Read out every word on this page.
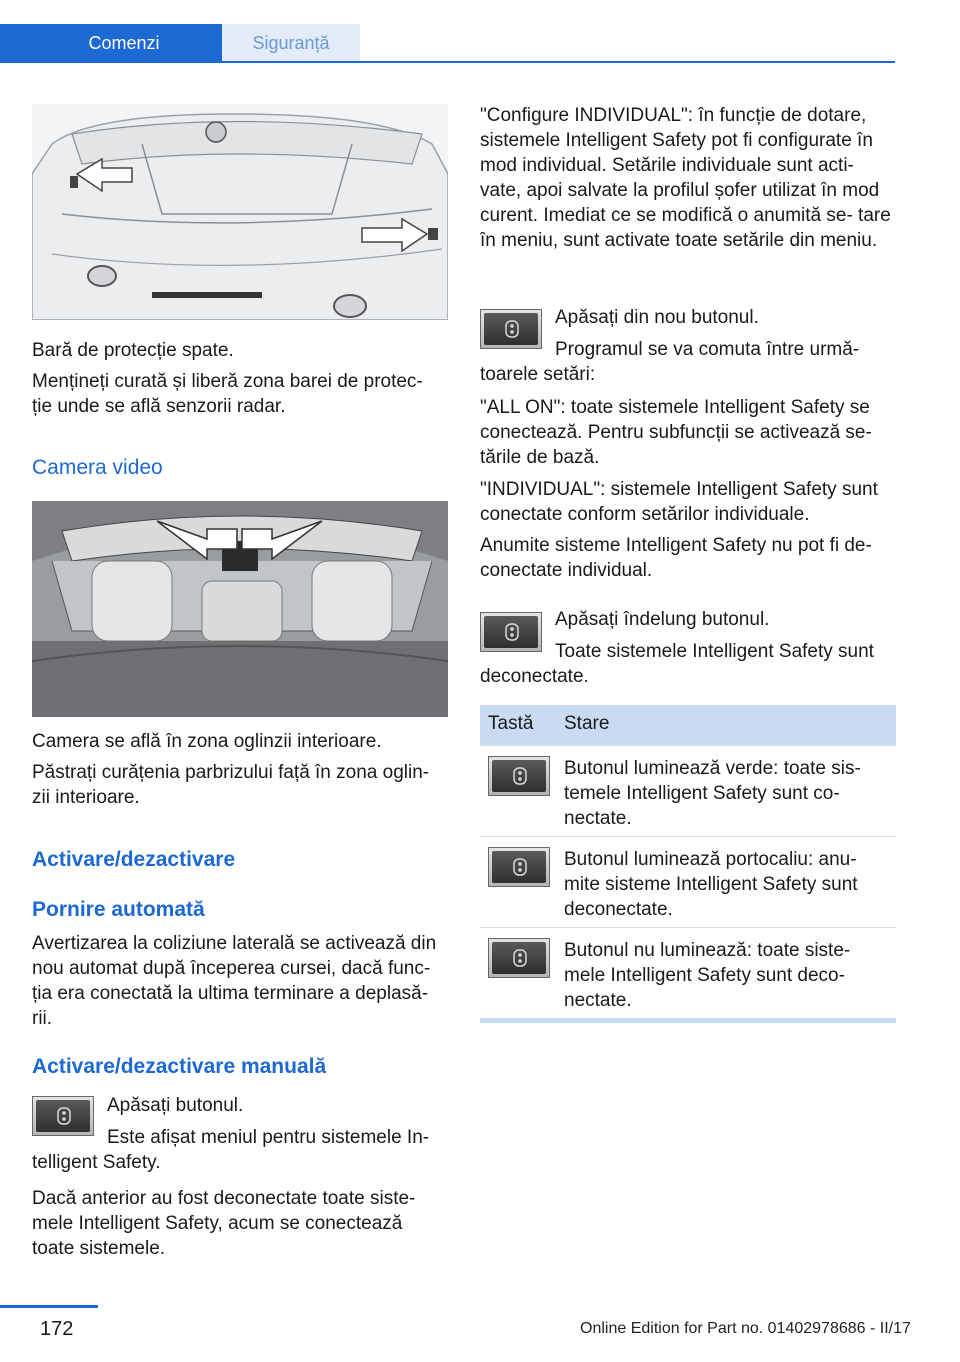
Comenzi	Siguranță

Bară de protecție spate.

Mențineți curată și liberă zona barei de protec‐ ție unde se află senzorii radar.

Camera video

Camera se află în zona oglinzii interioare.

Păstrați curățenia parbrizului față în zona oglin‐ zii interioare.

Activare/dezactivare
Pornire automată

Avertizarea la coliziune laterală se activează din nou automat după începerea cursei, dacă func‐ ția era conectată la ultima terminare a deplasă‐ rii.

Activare/dezactivare manuală

Apăsați butonul.

Este afișat meniul pentru sistemele In‐ telligent Safety.

Dacă anterior au fost deconectate toate siste‐ mele Intelligent Safety, acum se conectează toate sistemele.

"Configure INDIVIDUAL": în funcție de dotare, sistemele Intelligent Safety pot fi configurate în mod individual. Setările individuale sunt acti‐ vate, apoi salvate la profilul șofer utilizat în mod curent. Imediat ce se modifică o anumită se‐ tare în meniu, sunt activate toate setările din meniu.

Apăsați din nou butonul.

Programul se va comuta între urmă‐ toarele setări:

"ALL ON": toate sistemele Intelligent Safety se conectează. Pentru subfuncții se activează se‐ tările de bază.

"INDIVIDUAL": sistemele Intelligent Safety sunt conectate conform setărilor individuale.

Anumite sisteme Intelligent Safety nu pot fi de‐ conectate individual.

Apăsați îndelung butonul.

Toate sistemele Intelligent Safety sunt deconectate.

Tastă Stare
Butonul luminează verde: toate sis‐ temele Intelligent Safety sunt co‐ nectate.
Butonul luminează portocaliu: anu‐ mite sisteme Intelligent Safety sunt deconectate.
Butonul nu luminează: toate siste‐ mele Intelligent Safety sunt deco‐ nectate.
172	Online Edition for Part no. 01402978686 - II/17
